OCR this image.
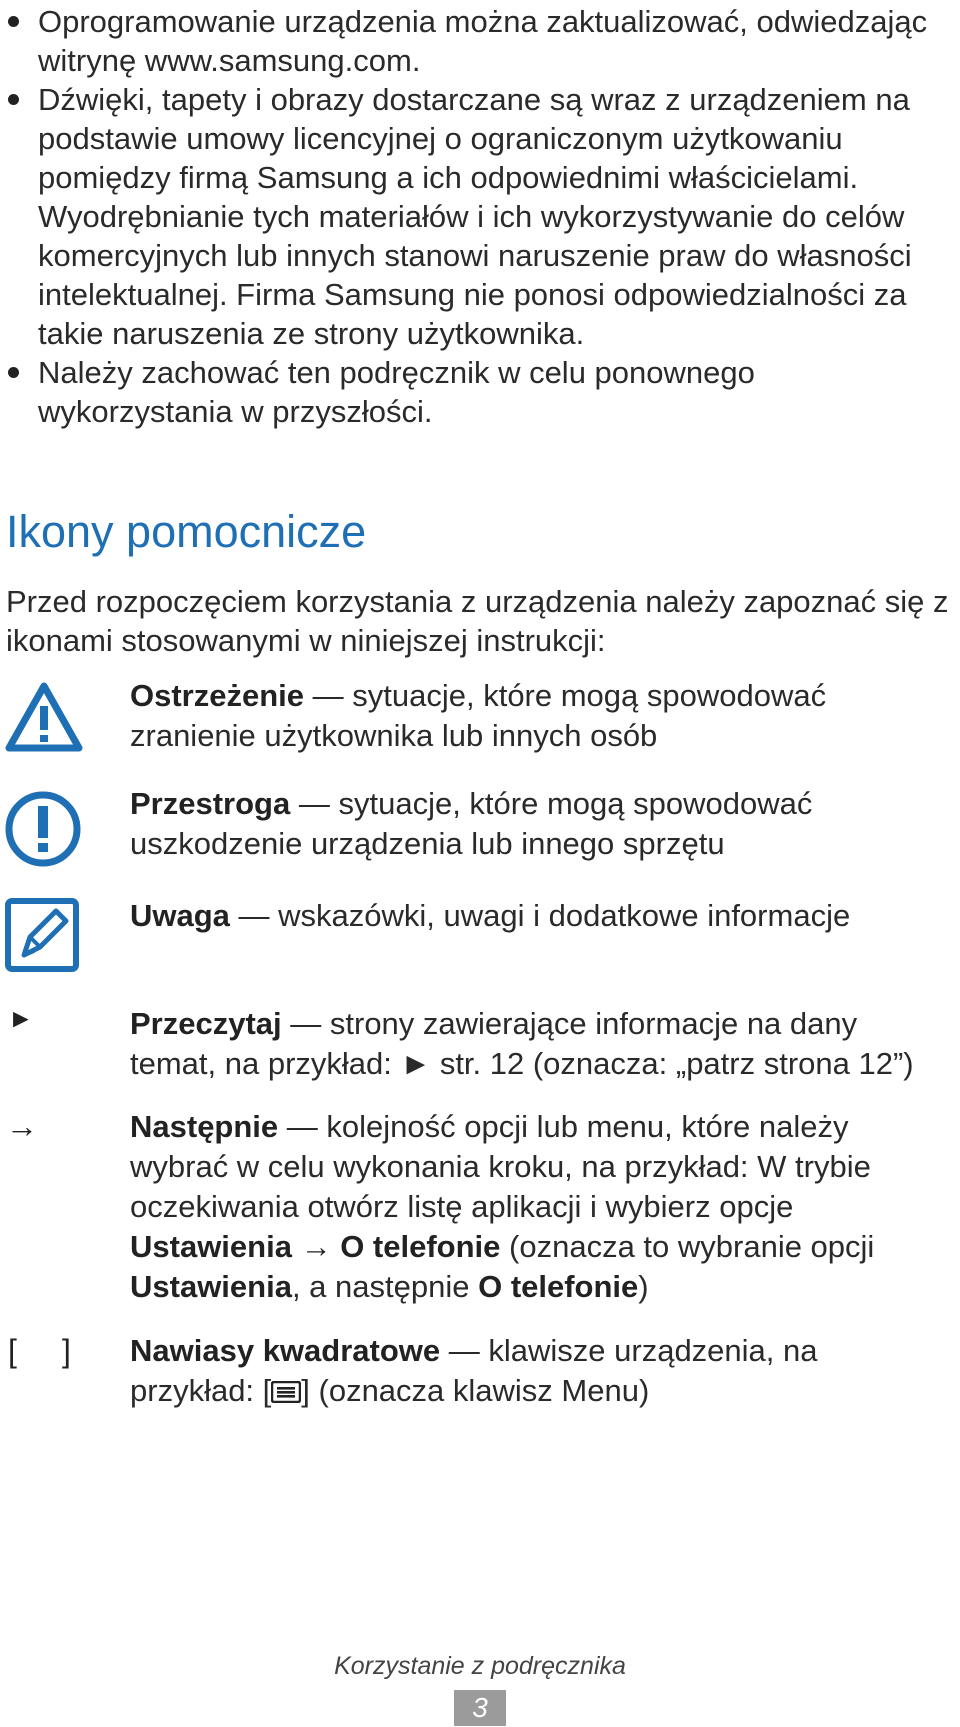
Oprogramowanie urządzenia można zaktualizować, odwiedzając
witrynę www.samsung.com.
Dźwięki, tapety i obrazy dostarczane są wraz z urządzeniem na
podstawie umowy licencyjnej o ograniczonym użytkowaniu
pomiędzy firmą Samsung a ich odpowiednimi właścicielami.
Wyodrębnianie tych materiałów i ich wykorzystywanie do celów
komercyjnych lub innych stanowi naruszenie praw do własności
intelektualnej. Firma Samsung nie ponosi odpowiedzialności za
takie naruszenia ze strony użytkownika.
Należy zachować ten podręcznik w celu ponownego
wykorzystania w przyszłości.
Ikony pomocnicze
Przed rozpoczęciem korzystania z urządzenia należy zapoznać się z
ikonami stosowanymi w niniejszej instrukcji:
Ostrzeżenie — sytuacje, które mogą spowodować
zranienie użytkownika lub innych osób
Przestroga — sytuacje, które mogą spowodować
uszkodzenie urządzenia lub innego sprzętu
Uwaga — wskazówki, uwagi i dodatkowe informacje
►	Przeczytaj — strony zawierające informacje na dany
temat, na przykład: ► str. 12 (oznacza: „patrz strona 12”)
→	Następnie — kolejność opcji lub menu, które należy
wybrać w celu wykonania kroku, na przykład: W trybie
oczekiwania otwórz listę aplikacji i wybierz opcje
Ustawienia → O telefonie (oznacza to wybranie opcji
Ustawienia, a następnie O telefonie)
[ ] Nawiasy kwadratowe — klawisze urządzenia, na
przykład: [ ] (oznacza klawisz Menu)
Korzystanie z podręcznika
3
